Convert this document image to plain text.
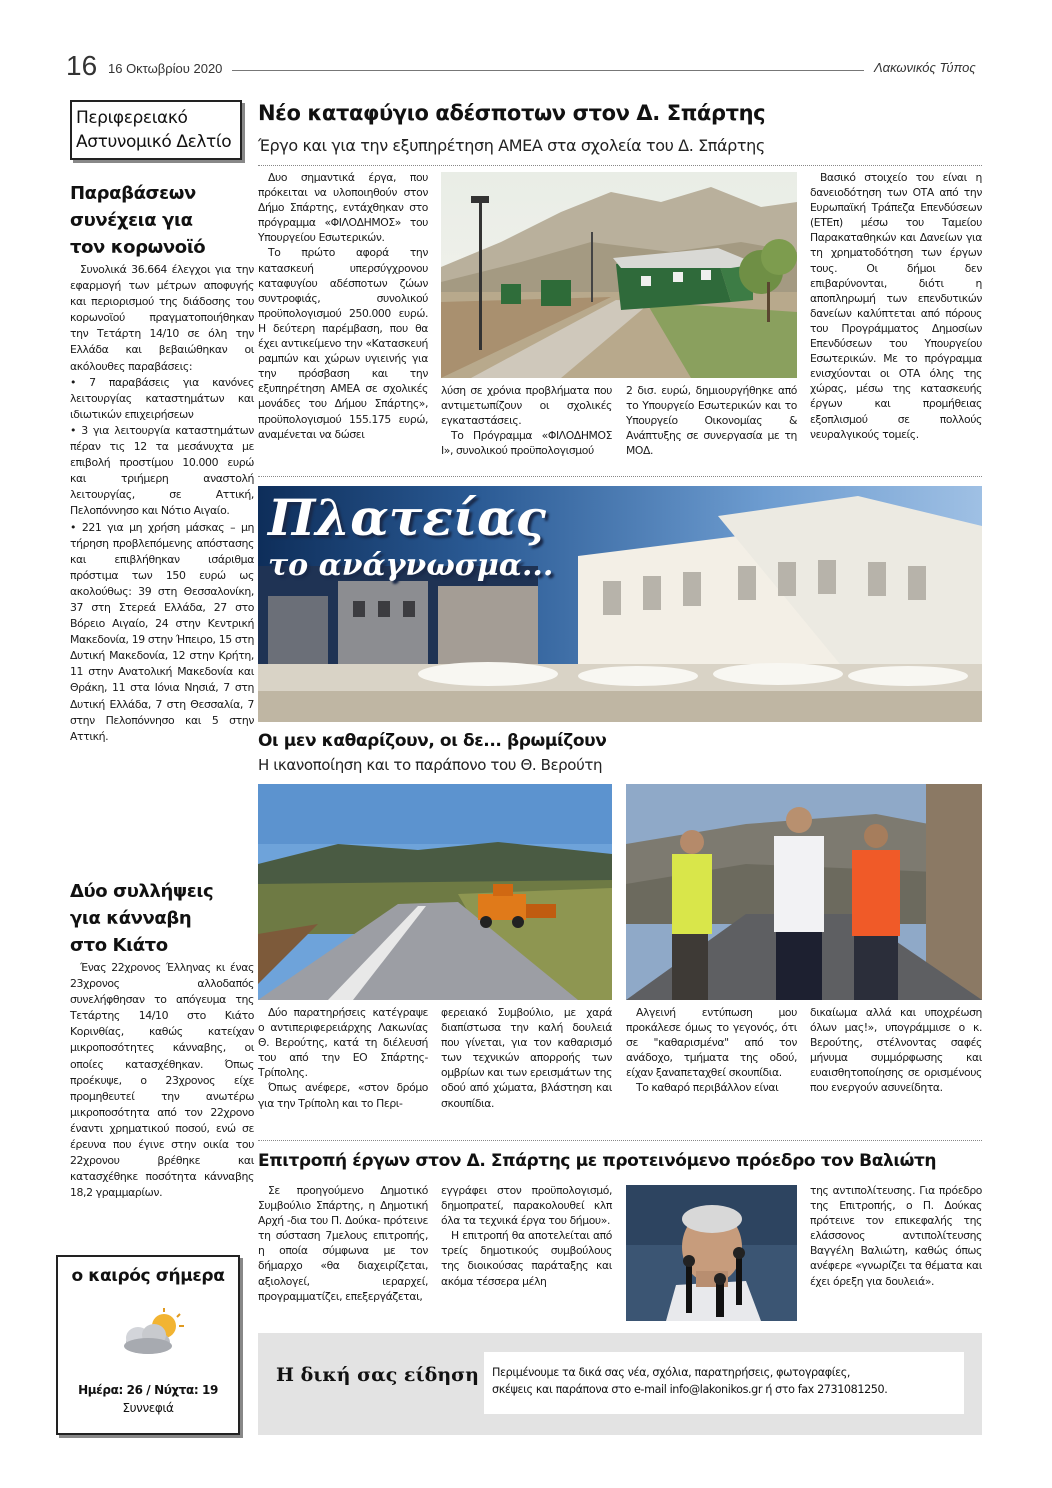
16 16 Οκτωβρίου 2020	Λακωνικός Τύπος
Περιφερειακό Αστυνομικό Δελτίο
Παραβάσεων συνέχεια για τον κορωνοϊό

Συνολικά 36.664 έλεγχοι για την εφαρμογή των μέτρων αποφυγής και περιορισμού της διάδοσης του κορωνοϊού πραγματοποιήθηκαν την Τετάρτη 14/10 σε όλη την Ελλάδα και βεβαιώθηκαν οι ακόλουθες παραβάσεις:

• 7 παραβάσεις για κανόνες λειτουργίας καταστημάτων και ιδιωτικών επιχειρήσεων
• 3 για λειτουργία καταστημάτων πέραν τις 12 τα μεσάνυχτα με επιβολή προστίμου 10.000 ευρώ και τριήμερη αναστολή λειτουργίας, σε Αττική, Πελοπόννησο και Νότιο Αιγαίο.
• 221 για μη χρήση μάσκας – μη τήρηση προβλεπόμενης απόστασης και επιβλήθηκαν ισάριθμα πρόστιμα των 150 ευρώ ως ακολούθως: 39 στη Θεσσαλονίκη, 37 στη Στερεά Ελλάδα, 27 στο Βόρειο Αιγαίο, 24 στην Κεντρική Μακεδονία, 19 στην Ήπειρο, 15 στη Δυτική Μακεδονία, 12 στην Κρήτη, 11 στην Ανατολική Μακεδονία και Θράκη, 11 στα Ιόνια Νησιά, 7 στη Δυτική Ελλάδα, 7 στη Θεσσαλία, 7 στην Πελοπόννησο και 5 στην Αττική.
Δύο συλλήψεις για κάνναβη στο Κιάτο

Ένας 22χρονος Έλληνας κι ένας 23χρονος αλλοδαπός συνελήφθησαν το απόγευμα της Τετάρτης 14/10 στο Κιάτο Κορινθίας, καθώς κατείχαν μικροποσότητες κάνναβης, οι οποίες κατασχέθηκαν. Όπως προέκυψε, ο 23χρονος είχε προμηθευτεί την ανωτέρω μικροποσότητα από τον 22χρονο έναντι χρηματικού ποσού, ενώ σε έρευνα που έγινε στην οικία του 22χρονου βρέθηκε και κατασχέθηκε ποσότητα κάνναβης 18,2 γραμμαρίων.

ο καιρός σήμερα
Ημέρα: 26 / Νύχτα: 19
Συννεφιά
Νέο καταφύγιο αδέσποτων στον Δ. Σπάρτης
Έργο και για την εξυπηρέτηση ΑΜΕΑ στα σχολεία του Δ. Σπάρτης

Δυο σημαντικά έργα, που πρόκειται να υλοποιηθούν στον Δήμο Σπάρτης, εντάχθηκαν στο πρόγραμμα «ΦΙΛΟΔΗΜΟΣ» του Υπουργείου Εσωτερικών.

Το πρώτο αφορά την κατασκευή υπερσύγχρονου καταφυγίου αδέσποτων ζώων συντροφιάς, συνολικού προϋπολογισμού 250.000 ευρώ. Η δεύτερη παρέμβαση, που θα έχει αντικείμενο την «Κατασκευή ραμπών και χώρων υγιεινής για την πρόσβαση και την εξυπηρέτηση ΑΜΕΑ σε σχολικές μονάδες του Δήμου Σπάρτης», προϋπολογισμού 155.175 ευρώ, αναμένεται να δώσει

λύση σε χρόνια προβλήματα που αντιμετωπίζουν οι σχολικές εγκαταστάσεις.

Το Πρόγραμμα «ΦΙΛΟΔΗΜΟΣ Ι», συνολικού προϋπολογισμού

2 δισ. ευρώ, δημιουργήθηκε από το Υπουργείο Εσωτερικών και το Υπουργείο Οικονομίας & Ανάπτυξης σε συνεργασία με τη ΜΟΔ.

Βασικό στοιχείο του είναι η δανειοδότηση των ΟΤΑ από την Ευρωπαϊκή Τράπεζα Επενδύσεων (ΕΤΕπ) μέσω του Ταμείου Παρακαταθηκών και Δανείων για τη χρηματοδότηση των έργων τους. Οι δήμοι δεν επιβαρύνονται, διότι η αποπληρωμή των επενδυτικών δανείων καλύπτεται από πόρους του Προγράμματος Δημοσίων Επενδύσεων του Υπουργείου Εσωτερικών. Με το πρόγραμμα ενισχύονται οι ΟΤΑ όλης της χώρας, μέσω της κατασκευής έργων και προμήθειας εξοπλισμού σε πολλούς νευραλγικούς τομείς.

Πλατείας
το ανάγνωσμα...
Οι μεν καθαρίζουν, οι δε... βρωμίζουν
Η ικανοποίηση και το παράπονο του Θ. Βερούτη

Δύο παρατηρήσεις κατέγραψε ο αντιπεριφερειάρχης Λακωνίας Θ. Βερούτης, κατά τη διέλευσή του από την ΕΟ Σπάρτης-Τρίπολης.

Όπως ανέφερε, «στον δρόμο για την Τρίπολη και το Περι-

φερειακό Συμβούλιο, με χαρά διαπίστωσα την καλή δουλειά που γίνεται, για τον καθαρισμό των τεχνικών απορροής των ομβρίων και των ερεισμάτων της οδού από χώματα, βλάστηση και σκουπίδια.

Αλγεινή εντύπωση μου προκάλεσε όμως το γεγονός, ότι σε "καθαρισμένα" από τον ανάδοχο, τμήματα της οδού, είχαν ξαναπεταχθεί σκουπίδια.

Το καθαρό περιβάλλον είναι

δικαίωμα αλλά και υποχρέωση όλων μας!», υπογράμμισε ο κ. Βερούτης, στέλνοντας σαφές μήνυμα συμμόρφωσης και ευαισθητοποίησης σε ορισμένους που ενεργούν ασυνείδητα.

Επιτροπή έργων στον Δ. Σπάρτης με προτεινόμενο πρόεδρο τον Βαλιώτη

Σε προηγούμενο Δημοτικό Συμβούλιο Σπάρτης, η Δημοτική Αρχή -δια του Π. Δούκα- πρότεινε τη σύσταση 7μελους επιτροπής, η οποία σύμφωνα με τον δήμαρχο «θα διαχειρίζεται, αξιολογεί, ιεραρχεί, προγραμματίζει, επεξεργάζεται,

εγγράφει στον προϋπολογισμό, δημοπρατεί, παρακολουθεί κλπ όλα τα τεχνικά έργα του δήμου».

Η επιτροπή θα αποτελείται από τρείς δημοτικούς συμβούλους της διοικούσας παράταξης και ακόμα τέσσερα μέλη

της αντιπολίτευσης. Για πρόεδρο της Επιτροπής, ο Π. Δούκας πρότεινε τον επικεφαλής της ελάσσονος αντιπολίτευσης Βαγγέλη Βαλιώτη, καθώς όπως ανέφερε «γνωρίζει τα θέματα και έχει όρεξη για δουλειά».

Η δική σας είδηση Περιμένουμε τα δικά σας νέα, σχόλια, παρατηρήσεις, φωτογραφίες,
σκέψεις και παράπονα στο e-mail info@lakonikos.gr ή στο fax 2731081250.
